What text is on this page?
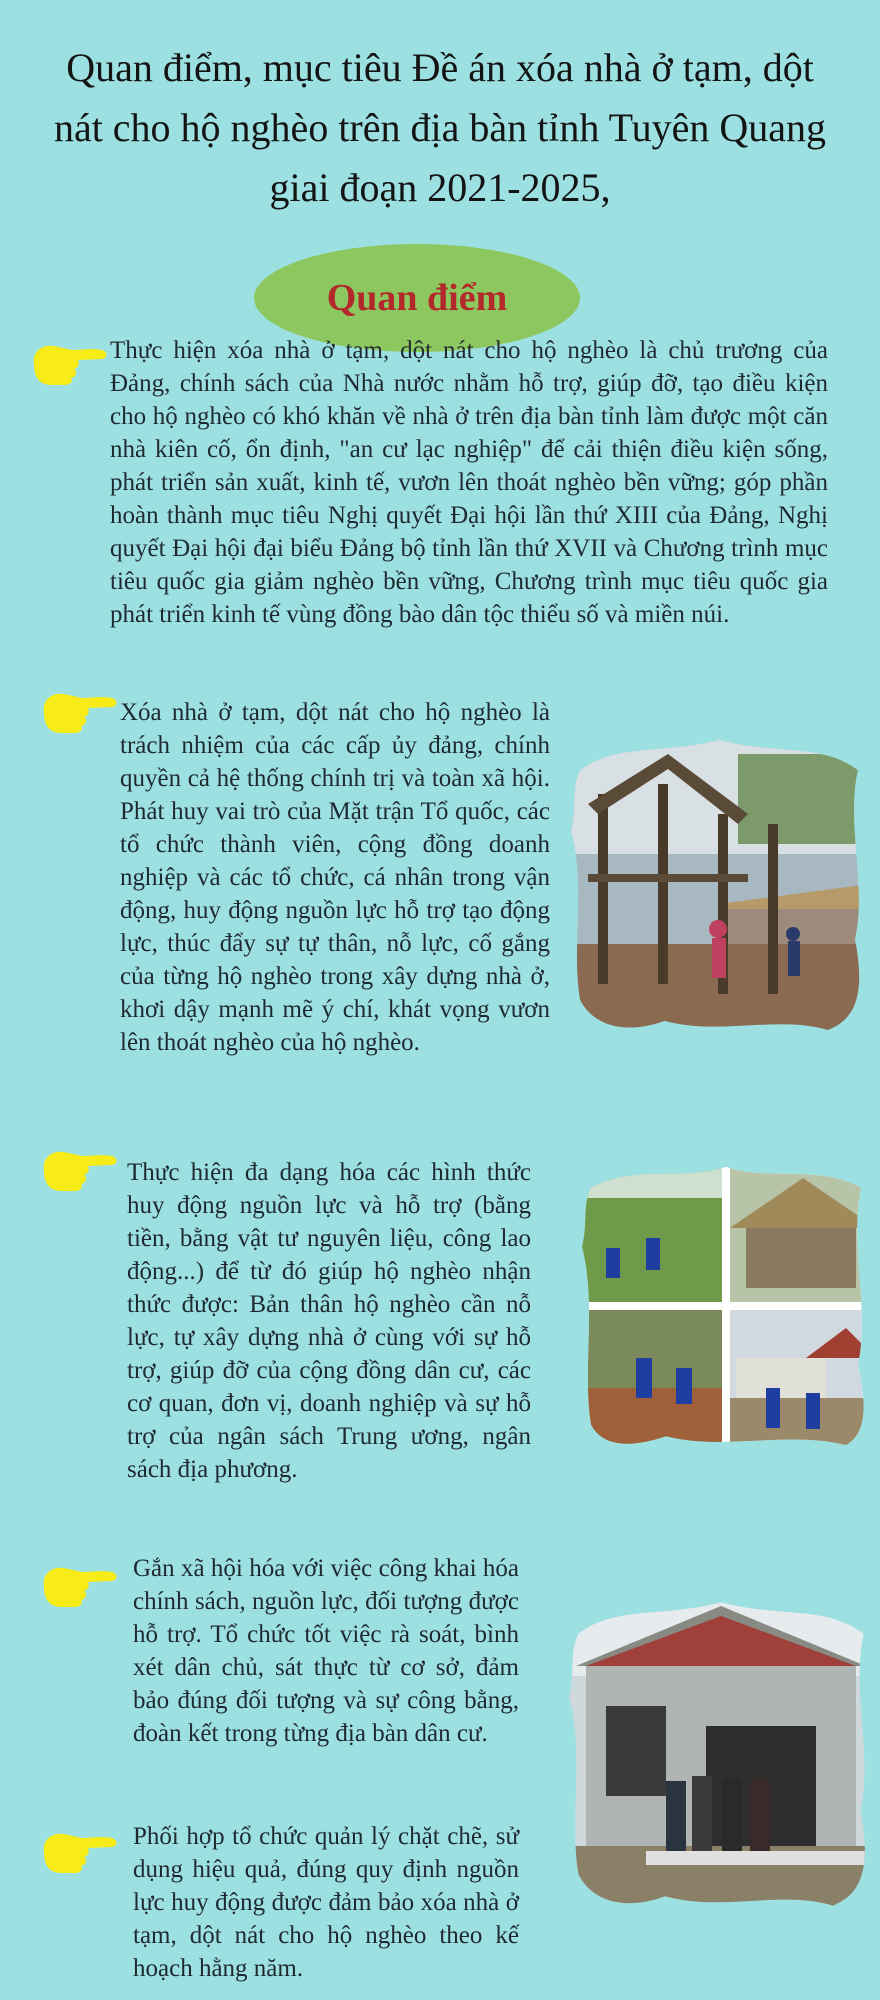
Quan điểm, mục tiêu Đề án xóa nhà ở tạm, dột
nát cho hộ nghèo trên địa bàn tỉnh Tuyên Quang
giai đoạn 2021-2025,
Quan điểm
Thực hiện xóa nhà ở tạm, dột nát cho hộ nghèo là chủ trương của Đảng, chính sách của Nhà nước nhằm hỗ trợ, giúp đỡ, tạo điều kiện cho hộ nghèo có khó khăn về nhà ở trên địa bàn tỉnh làm được một căn nhà kiên cố, ổn định, "an cư lạc nghiệp" để cải thiện điều kiện sống, phát triển sản xuất, kinh tế, vươn lên thoát nghèo bền vững; góp phần hoàn thành mục tiêu Nghị quyết Đại hội lần thứ XIII của Đảng, Nghị quyết Đại hội đại biểu Đảng bộ tỉnh lần thứ XVII và Chương trình mục tiêu quốc gia giảm nghèo bền vững, Chương trình mục tiêu quốc gia phát triển kinh tế vùng đồng bào dân tộc thiểu số và miền núi.
Xóa nhà ở tạm, dột nát cho hộ nghèo là trách nhiệm của các cấp ủy đảng, chính quyền cả hệ thống chính trị và toàn xã hội. Phát huy vai trò của Mặt trận Tổ quốc, các tổ chức thành viên, cộng đồng doanh nghiệp và các tổ chức, cá nhân trong vận động, huy động nguồn lực hỗ trợ tạo động lực, thúc đẩy sự tự thân, nỗ lực, cố gắng của từng hộ nghèo trong xây dựng nhà ở, khơi dậy mạnh mẽ ý chí, khát vọng vươn lên thoát nghèo của hộ nghèo.
Thực hiện đa dạng hóa các hình thức huy động nguồn lực và hỗ trợ (bằng tiền, bằng vật tư nguyên liệu, công lao động...) để từ đó giúp hộ nghèo nhận thức được: Bản thân hộ nghèo cần nỗ lực, tự xây dựng nhà ở cùng với sự hỗ trợ, giúp đỡ của cộng đồng dân cư, các cơ quan, đơn vị, doanh nghiệp và sự hỗ trợ của ngân sách Trung ương, ngân sách địa phương.
Gắn xã hội hóa với việc công khai hóa chính sách, nguồn lực, đối tượng được hỗ trợ. Tổ chức tốt việc rà soát, bình xét dân chủ, sát thực từ cơ sở, đảm bảo đúng đối tượng và sự công bằng, đoàn kết trong từng địa bàn dân cư.
Phối hợp tổ chức quản lý chặt chẽ, sử dụng hiệu quả, đúng quy định nguồn lực huy động được đảm bảo xóa nhà ở tạm, dột nát cho hộ nghèo theo kế hoạch hằng năm.
